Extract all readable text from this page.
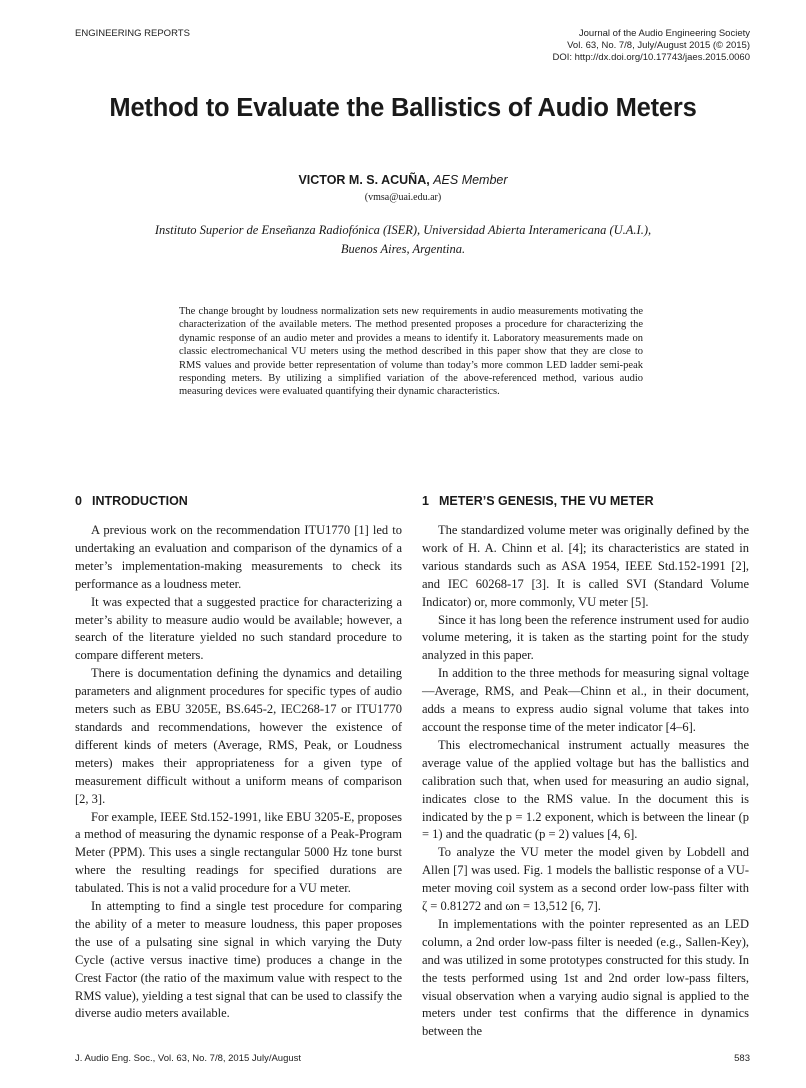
ENGINEERING REPORTS	Journal of the Audio Engineering Society
Vol. 63, No. 7/8, July/August 2015 (© 2015)
DOI: http://dx.doi.org/10.17743/jaes.2015.0060
Method to Evaluate the Ballistics of Audio Meters
VICTOR M. S. ACUÑA, AES Member
(vmsa@uai.edu.ar)
Instituto Superior de Enseñanza Radiofónica (ISER), Universidad Abierta Interamericana (U.A.I.),
Buenos Aires, Argentina.
The change brought by loudness normalization sets new requirements in audio measurements motivating the characterization of the available meters. The method presented proposes a procedure for characterizing the dynamic response of an audio meter and provides a means to identify it. Laboratory measurements made on classic electromechanical VU meters using the method described in this paper show that they are close to RMS values and provide better representation of volume than today’s more common LED ladder semi-peak responding meters. By utilizing a simplified variation of the above-referenced method, various audio measuring devices were evaluated quantifying their dynamic characteristics.
0 INTRODUCTION

A previous work on the recommendation ITU1770 [1] led to undertaking an evaluation and comparison of the dynamics of a meter’s implementation-making measurements to check its performance as a loudness meter.

It was expected that a suggested practice for characterizing a meter’s ability to measure audio would be available; however, a search of the literature yielded no such standard procedure to compare different meters.

There is documentation defining the dynamics and detailing parameters and alignment procedures for specific types of audio meters such as EBU 3205E, BS.645-2, IEC268-17 or ITU1770 standards and recommendations, however the existence of different kinds of meters (Average, RMS, Peak, or Loudness meters) makes their appropriateness for a given type of measurement difficult without a uniform means of comparison [2, 3].

For example, IEEE Std.152-1991, like EBU 3205-E, proposes a method of measuring the dynamic response of a Peak-Program Meter (PPM). This uses a single rectangular 5000 Hz tone burst where the resulting readings for specified durations are tabulated. This is not a valid procedure for a VU meter.

In attempting to find a single test procedure for comparing the ability of a meter to measure loudness, this paper proposes the use of a pulsating sine signal in which varying the Duty Cycle (active versus inactive time) produces a change in the Crest Factor (the ratio of the maximum value with respect to the RMS value), yielding a test signal that can be used to classify the diverse audio meters available.

1 METER’S GENESIS, THE VU METER

The standardized volume meter was originally defined by the work of H. A. Chinn et al. [4]; its characteristics are stated in various standards such as ASA 1954, IEEE Std.152-1991 [2], and IEC 60268-17 [3]. It is called SVI (Standard Volume Indicator) or, more commonly, VU meter [5].

Since it has long been the reference instrument used for audio volume metering, it is taken as the starting point for the study analyzed in this paper.

In addition to the three methods for measuring signal voltage—Average, RMS, and Peak—Chinn et al., in their document, adds a means to express audio signal volume that takes into account the response time of the meter indicator [4–6].

This electromechanical instrument actually measures the average value of the applied voltage but has the ballistics and calibration such that, when used for measuring an audio signal, indicates close to the RMS value. In the document this is indicated by the p = 1.2 exponent, which is between the linear (p = 1) and the quadratic (p = 2) values [4, 6].

To analyze the VU meter the model given by Lobdell and Allen [7] was used. Fig. 1 models the ballistic response of a VU-meter moving coil system as a second order low-pass filter with ζ = 0.81272 and ωn = 13,512 [6, 7].

In implementations with the pointer represented as an LED column, a 2nd order low-pass filter is needed (e.g., Sallen-Key), and was utilized in some prototypes constructed for this study. In the tests performed using 1st and 2nd order low-pass filters, visual observation when a varying audio signal is applied to the meters under test confirms that the difference in dynamics between the

J. Audio Eng. Soc., Vol. 63, No. 7/8, 2015 July/August	583
